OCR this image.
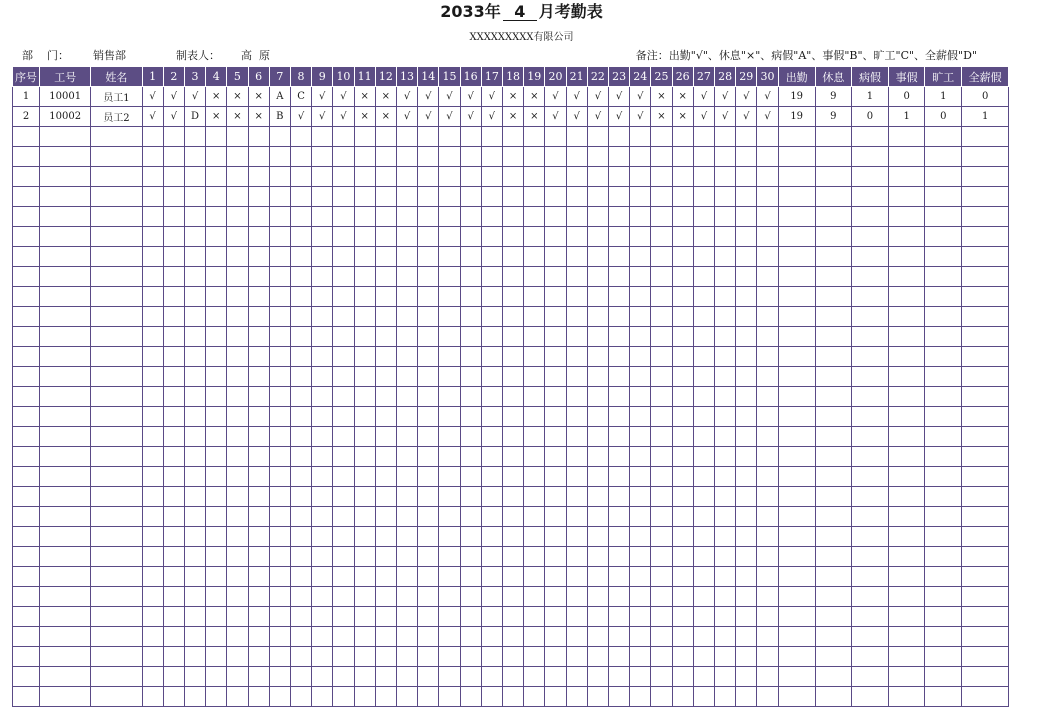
2033年 4 月考勤表
XXXXXXXXX有限公司
部    门： 销售部	制表人： 高  原	备注：出勤"√"、休息"×"、病假"A"、事假"B"、旷工"C"、全薪假"D"
序号	工号	姓名	1	2	3	4	5	6	7	8	9	10	11	12	13	14	15	16	17	18	19	20	21	22	23	24	25	26	27	28	29	30	出勤	休息	病假	事假	旷工	全薪假
1	10001	员工1	√	√	√	×	×	×	A	C	√	√	×	×	√	√	√	√	√	×	×	√	√	√	√	√	×	×	√	√	√	√	19	9	1	0	1	0
2	10002	员工2	√	√	D	×	×	×	B	√	√	√	×	×	√	√	√	√	√	×	×	√	√	√	√	√	×	×	√	√	√	√	19	9	0	1	0	1
